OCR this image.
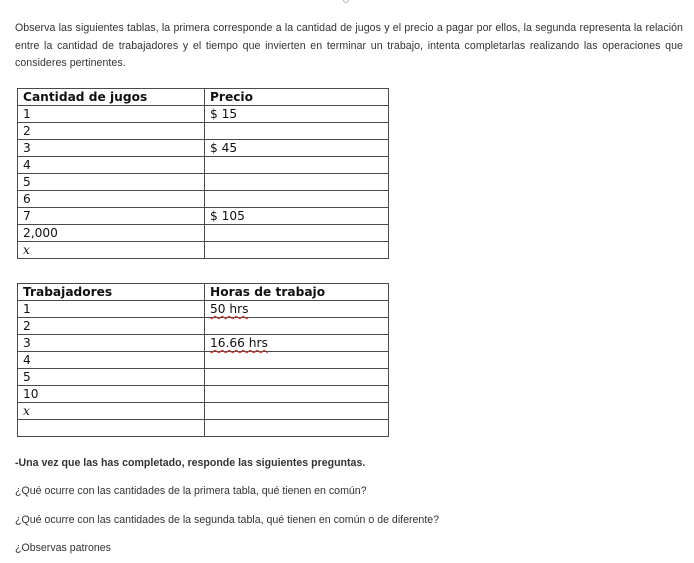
Observa las siguientes tablas, la primera corresponde a la cantidad de jugos y el precio a pagar por ellos, la segunda representa la relación entre la cantidad de trabajadores y el tiempo que invierten en terminar un trabajo, intenta completarlas realizando las operaciones que consideres pertinentes.

Cantidad de jugos	Precio
1	$ 15
2	
3	$ 45
4	
5	
6	
7	$ 105
2,000	
x	
Trabajadores	Horas de trabajo
1	50 hrs
2	
3	16.66 hrs
4	
5	
10	
x	

-Una vez que las has completado, responde las siguientes preguntas.
¿Qué ocurre con las cantidades de la primera tabla, qué tienen en común?
¿Qué ocurre con las cantidades de la segunda tabla, qué tienen en común o de diferente?
¿Observas patrones
